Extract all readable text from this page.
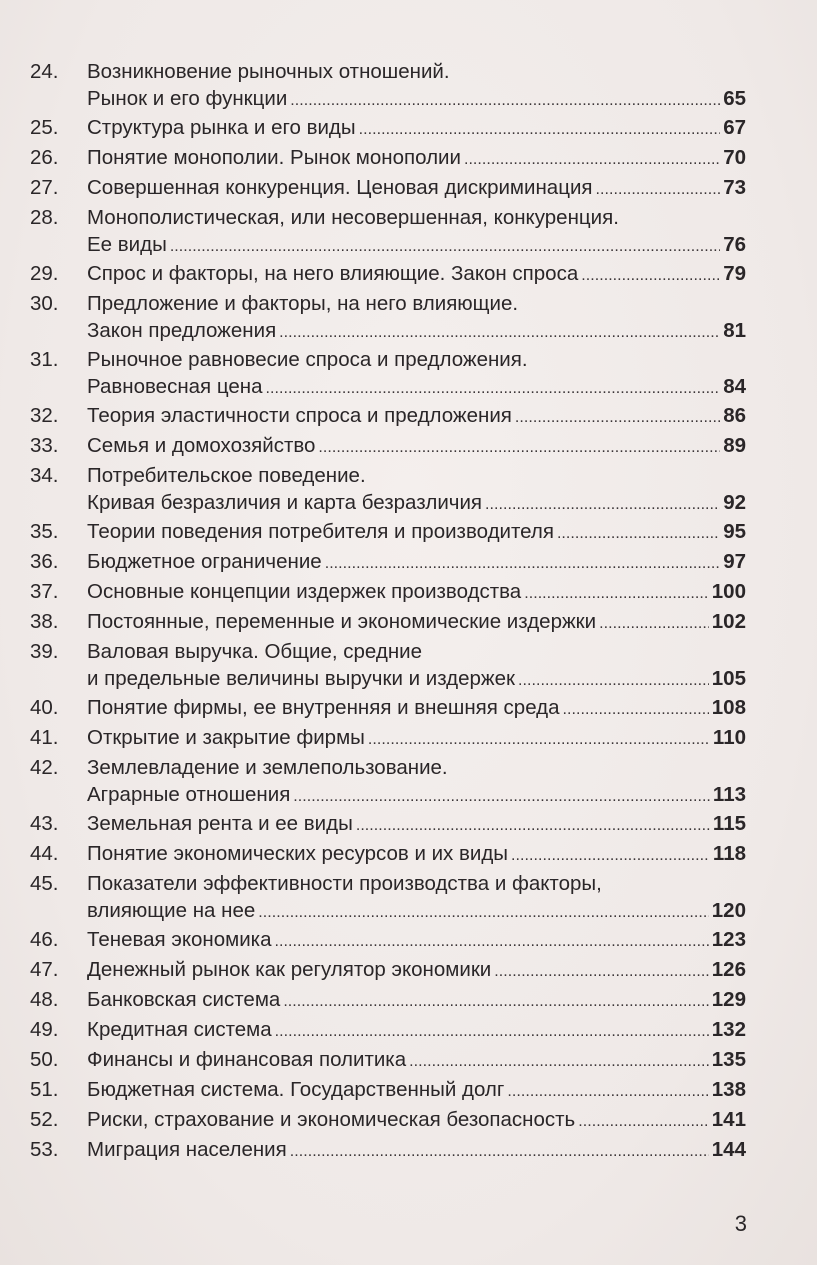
24.	Возникновение рыночных отношений.
Рынок и его функции . . .	65
25.	Структура рынка и его виды . . .	67
26.	Понятие монополии. Рынок монополии . . .	70
27.	Совершенная конкуренция. Ценовая дискриминация . . .	73
28.	Монополистическая, или несовершенная, конкуренция.
Ее виды . . .	76
29.	Спрос и факторы, на него влияющие. Закон спроса . . .	79
30.	Предложение и факторы, на него влияющие.
Закон предложения . . .	81
31.	Рыночное равновесие спроса и предложения.
Равновесная цена . . .	84
32.	Теория эластичности спроса и предложения . . .	86
33.	Семья и домохозяйство . . .	89
34.	Потребительское поведение.
Кривая безразличия и карта безразличия . . .	92
35.	Теории поведения потребителя и производителя . . .	95
36.	Бюджетное ограничение . . .	97
37.	Основные концепции издержек производства . . .	100
38.	Постоянные, переменные и экономические издержки . . .	102
39.	Валовая выручка. Общие, средние
и предельные величины выручки и издержек . . .	105
40.	Понятие фирмы, ее внутренняя и внешняя среда . . .	108
41.	Открытие и закрытие фирмы . . .	110
42.	Землевладение и землепользование.
Аграрные отношения . . .	113
43.	Земельная рента и ее виды . . .	115
44.	Понятие экономических ресурсов и их виды . . .	118
45.	Показатели эффективности производства и факторы,
влияющие на нее . . .	120
46.	Теневая экономика . . .	123
47.	Денежный рынок как регулятор экономики . . .	126
48.	Банковская система . . .	129
49.	Кредитная система . . .	132
50.	Финансы и финансовая политика . . .	135
51.	Бюджетная система. Государственный долг . . .	138
52.	Риски, страхование и экономическая безопасность . . .	141
53.	Миграция населения . . .	144
3
